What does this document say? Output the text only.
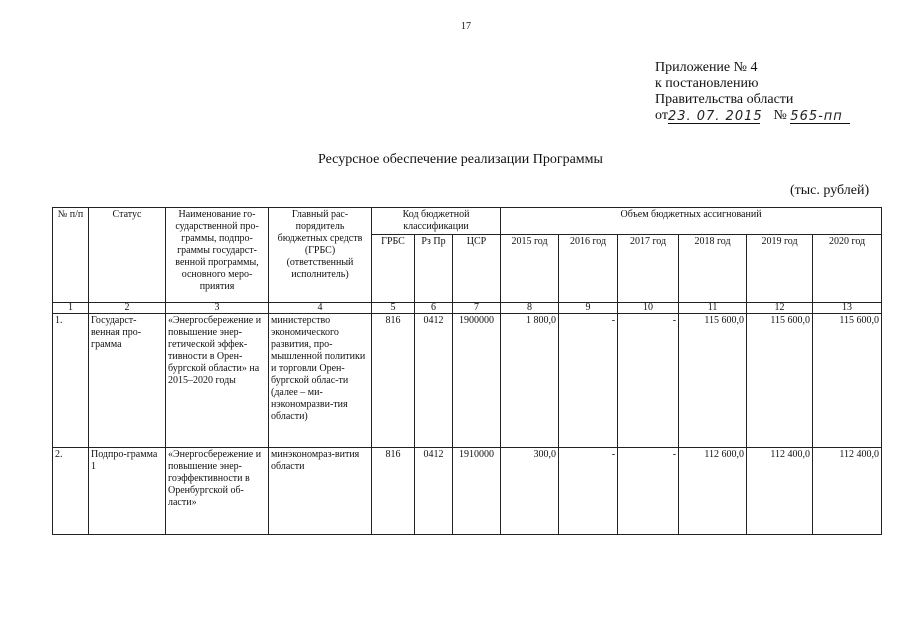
17
Приложение № 4
к постановлению
Правительства области
от23. 07. 2015 № 565-пп
Ресурсное обеспечение реализации Программы
(тыс. рублей)
№ п/п	Статус	Наименование го-сударственной про-граммы, подпро-граммы государст-венной программы, основного меро-приятия	Главный рас-порядитель бюджетных средств (ГРБС) (ответственный исполнитель)	Код бюджетной классификации			Объем бюджетных ассигнований					
				ГРБС	Рз Пр	ЦСР	2015 год	2016 год	2017 год	2018 год	2019 год	2020 год
1	2	3	4	5	6	7	8	9	10	11	12	13
1.	Государст-венная про-грамма	«Энергосбережение и повышение энер-гетической эффек-тивности в Орен-бургской области» на 2015–2020 годы	министерство экономического развития, про-мышленной политики и торговли Орен-бургской облас-ти (далее – ми-нэкономразви-тия области)	816	0412	1900000	1 800,0	-	-	115 600,0	115 600,0	115 600,0
2.	Подпро-грамма 1	«Энергосбережение и повышение энер-гоэффективности в Оренбургской об-ласти»	минэкономраз-вития области	816	0412	1910000	300,0	-	-	112 600,0	112 400,0	112 400,0
